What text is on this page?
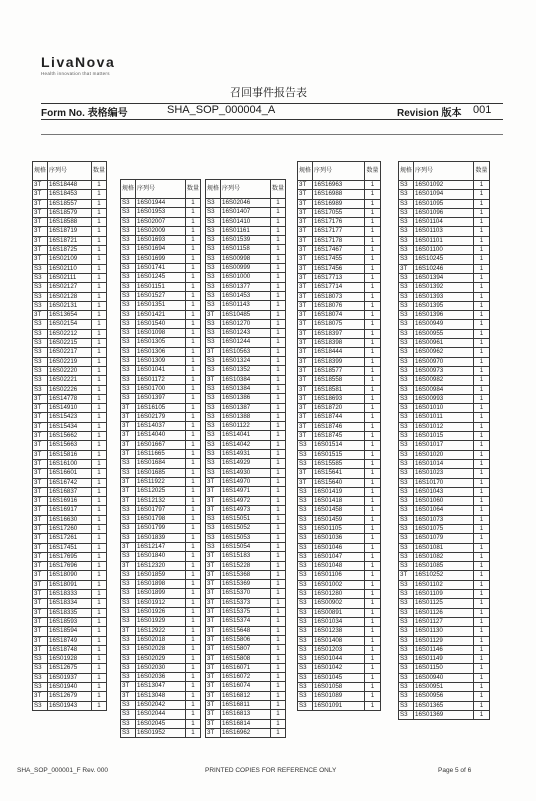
LivaNova
Health innovation that matters
召回事件报告表
Form No. 表格编号	SHA_SOP_000004_A	Revision 版本 001
规格	序列号	数量
3T	16S18448	1
3T	16S18453	1
3T	16S18557	1
3T	16S18579	1
3T	16S18588	1
3T	16S18719	1
3T	16S18721	1
3T	16S18725	1
3T	16S02109	1
S3	16S02110	1
S3	16S02111	1
S3	16S02127	1
S3	16S02128	1
S3	16S02131	1
3T	16S13654	1
S3	16S02154	1
S3	16S02212	1
S3	16S02215	1
S3	16S02217	1
S3	16S02219	1
S3	16S02220	1
S3	16S02221	1
S3	16S02226	1
3T	16S14778	1
3T	16S14910	1
3T	16S15423	1
3T	16S15434	1
3T	16S15662	1
3T	16S15663	1
3T	16S15816	1
3T	16S16100	1
3T	16S16601	1
3T	16S16742	1
3T	16S16837	1
3T	16S16916	1
3T	16S16917	1
3T	16S16630	1
3T	16S17260	1
3T	16S17261	1
3T	16S17451	1
3T	16S17695	1
3T	16S17696	1
3T	16S18090	1
3T	16S18091	1
3T	16S18333	1
3T	16S18334	1
3T	16S18335	1
3T	16S18593	1
3T	16S18594	1
3T	16S18749	1
3T	16S18748	1
S3	16S01928	1
S3	16S12675	1
S3	16S01937	1
S3	16S01940	1
3T	16S12679	1
S3	16S01943	1
规格	序列号	数量
S3	16S01944	1
S3	16S01953	1
S3	16S02007	1
S3	16S02009	1
S3	16S01693	1
S3	16S01694	1
S3	16S01699	1
S3	16S01741	1
S3	16S01245	1
S3	16S01151	1
S3	16S01527	1
S3	16S01351	1
S3	16S01421	1
S3	16S01540	1
S3	16S01098	1
S3	16S01305	1
S3	16S01306	1
S3	16S01309	1
S3	16S01041	1
S3	16S01172	1
S3	16S01700	1
S3	16S01397	1
3T	16S16105	1
3T	16S02179	1
3T	16S14037	1
3T	16S14040	1
3T	16S01667	1
3T	16S11665	1
S3	16S01684	1
S3	16S01685	1
3T	16S11922	1
3T	16S12025	1
3T	16S12132	1
S3	16S01797	1
S3	16S01798	1
S3	16S01799	1
S3	16S01839	1
3T	16S12147	1
S3	16S01840	1
3T	16S12320	1
S3	16S01859	1
S3	16S01898	1
S3	16S01899	1
S3	16S01912	1
S3	16S01926	1
S3	16S01929	1
3T	16S12922	1
S3	16S02018	1
S3	16S02028	1
S3	16S02029	1
S3	16S02030	1
S3	16S02036	1
3T	16S13047	1
3T	16S13048	1
S3	16S02042	1
S3	16S02044	1
S3	16S02045	1
S3	16S01952	1
规格	序列号	数量
S3	16S02046	1
S3	16S01407	1
S3	16S01410	1
S3	16S01161	1
S3	16S01539	1
S3	16S01158	1
S3	16S00998	1
S3	16S00999	1
S3	16S01000	1
S3	16S01377	1
S3	16S01453	1
S3	16S01143	1
3T	16S10485	1
S3	16S01270	1
S3	16S01243	1
S3	16S01244	1
3T	16S10563	1
S3	16S01324	1
S3	16S01352	1
3T	16S10384	1
S3	16S01384	1
S3	16S01386	1
S3	16S01387	1
S3	16S01388	1
S3	16S01122	1
S3	16S14041	1
S3	16S14042	1
S3	16S14931	1
S3	16S14929	1
S3	16S14930	1
3T	16S14970	1
3T	16S14971	1
3T	16S14972	1
3T	16S14973	1
S3	16S15051	1
S3	16S15052	1
S3	16S15053	1
S3	16S15054	1
3T	16S15183	1
3T	16S15228	1
3T	16S15368	1
3T	16S15369	1
3T	16S15370	1
3T	16S15373	1
3T	16S15375	1
3T	16S15374	1
3T	16S15648	1
3T	16S15806	1
3T	16S15807	1
3T	16S15808	1
3T	16S16071	1
3T	16S16072	1
3T	16S16074	1
3T	16S16812	1
3T	16S16811	1
3T	16S16813	1
3T	16S16814	1
3T	16S16962	1
规格	序列号	数量
3T	16S16963	1
3T	16S16988	1
3T	16S16989	1
3T	16S17055	1
3T	16S17176	1
3T	16S17177	1
3T	16S17178	1
3T	16S17467	1
3T	16S17455	1
3T	16S17456	1
3T	16S17713	1
3T	16S17714	1
3T	16S18073	1
3T	16S18076	1
3T	16S18074	1
3T	16S18075	1
3T	16S18397	1
3T	16S18398	1
3T	16S18444	1
3T	16S18399	1
3T	16S18577	1
3T	16S18558	1
3T	16S18581	1
3T	16S18693	1
3T	16S18720	1
3T	16S18744	1
3T	16S18746	1
3T	16S18745	1
S3	16S01514	1
S3	16S01515	1
S3	16S15585	1
3T	16S15641	1
3T	16S15640	1
S3	16S01419	1
S3	16S01418	1
S3	16S01458	1
S3	16S01459	1
S3	16S01105	1
S3	16S01036	1
S3	16S01046	1
S3	16S01047	1
S3	16S01048	1
S3	16S01106	1
S3	16S01002	1
S3	16S01280	1
S3	16S00902	1
S3	16S00891	1
S3	16S01034	1
S3	16S01238	1
S3	16S01408	1
S3	16S01203	1
S3	16S01044	1
S3	16S01042	1
S3	16S01045	1
S3	16S01058	1
S3	16S01089	1
S3	16S01091	1
规格	序列号	数量
S3	16S01092	1
S3	16S01094	1
S3	16S01095	1
S3	16S01096	1
S3	16S01104	1
S3	16S01103	1
S3	16S01101	1
S3	16S01100	1
S3	16S10245	1
3T	16S10246	1
S3	16S01394	1
S3	16S01392	1
S3	16S01393	1
S3	16S01395	1
S3	16S01396	1
S3	16S00949	1
S3	16S00955	1
S3	16S00961	1
S3	16S00962	1
S3	16S00970	1
S3	16S00973	1
S3	16S00982	1
S3	16S00984	1
S3	16S00993	1
S3	16S01010	1
S3	16S01011	1
S3	16S01012	1
S3	16S01015	1
S3	16S01017	1
S3	16S01020	1
S3	16S01014	1
S3	16S01023	1
S3	16S10170	1
S3	16S01043	1
S3	16S01060	1
S3	16S01064	1
S3	16S01073	1
S3	16S01075	1
S3	16S01079	1
S3	16S01081	1
S3	16S01082	1
S3	16S01085	1
3T	16S10252	1
S3	16S01102	1
S3	16S01109	1
S3	16S01125	1
S3	16S01126	1
S3	16S01127	1
S3	16S01130	1
S3	16S01129	1
S3	16S01146	1
S3	16S01149	1
S3	16S01150	1
S3	16S00940	1
S3	16S00951	1
S3	16S00956	1
S3	16S01365	1
S3	16S01369	1
SHA_SOP_000001_F Rev. 000	PRINTED COPIES FOR REFERENCE ONLY	Page 5 of 6
